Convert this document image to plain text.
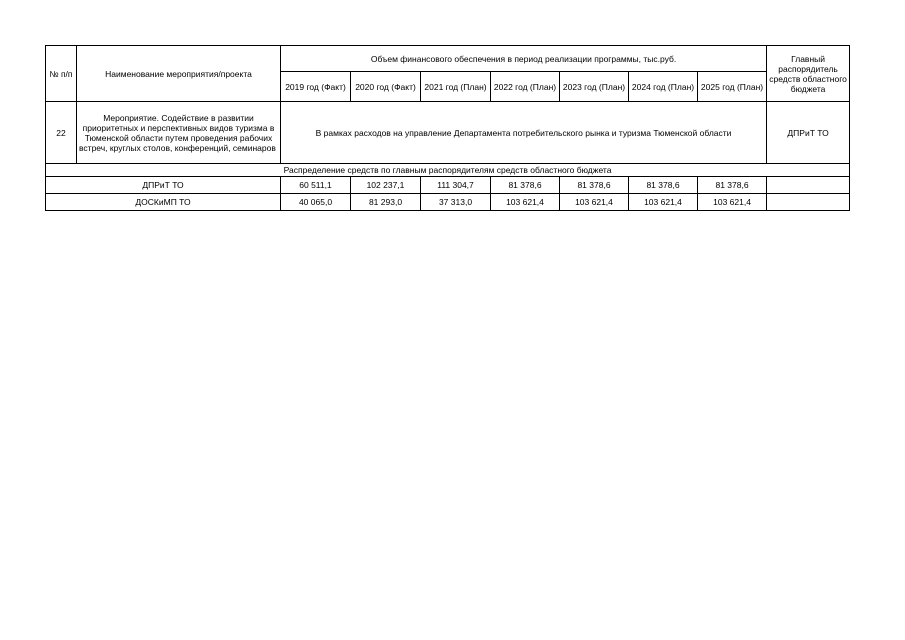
№ п/п	Наименование мероприятия/проекта	Объем финансового обеспечения в период реализации программы, тыс.руб.							Главный распорядитель средств областного бюджета
		2019 год (Факт)	2020 год (Факт)	2021 год (План)	2022 год (План)	2023 год (План)	2024 год (План)	2025 год (План)	
22	Мероприятие. Содействие в развитии приоритетных и перспективных видов туризма в Тюменской области путем проведения рабочих встреч, круглых столов, конференций, семинаров	В рамках расходов на управление Департамента потребительского рынка и туризма Тюменской области							ДПРиТ ТО
Распределение средств по главным распорядителям средств областного бюджета									
ДПРиТ ТО		60 511,1	102 237,1	111 304,7	81 378,6	81 378,6	81 378,6	81 378,6	
ДОСКиМП ТО		40 065,0	81 293,0	37 313,0	103 621,4	103 621,4	103 621,4	103 621,4	
